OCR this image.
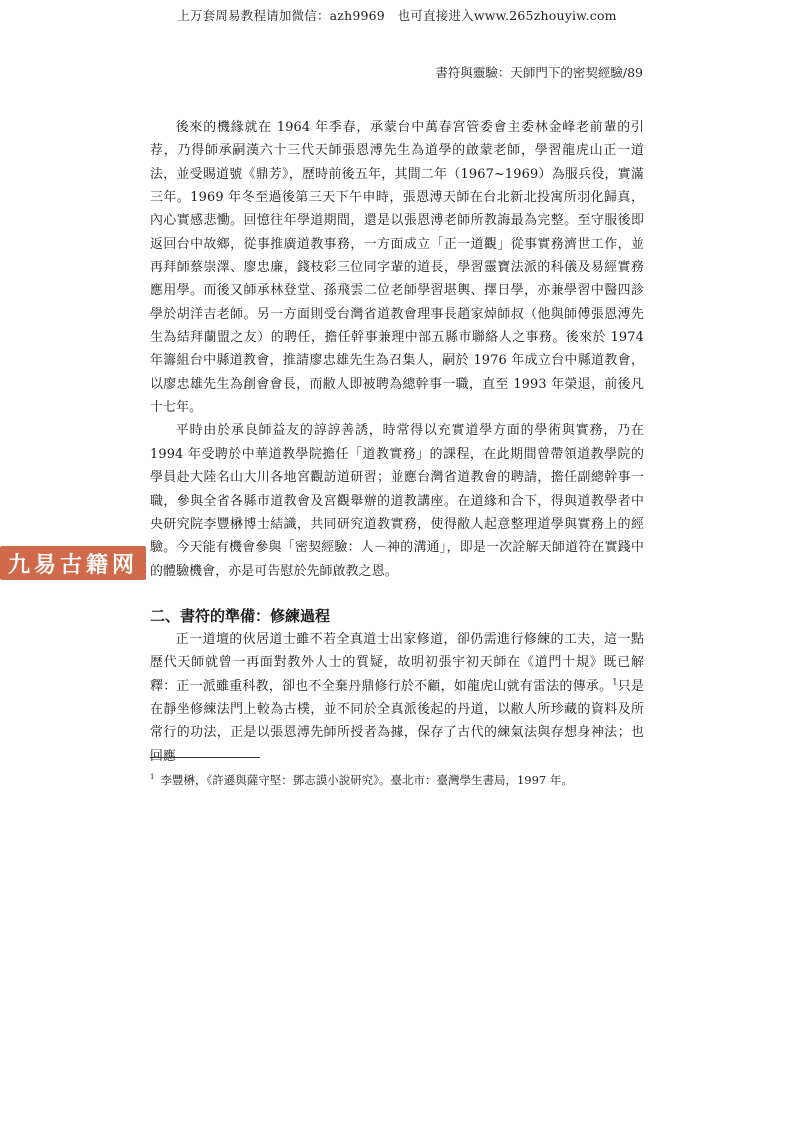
上万套周易教程请加微信：azh9969　也可直接进入www.265zhouyiw.com
書符與靈驗：天師門下的密契經驗/89

後來的機緣就在 1964 年季春，承蒙台中萬春宮管委會主委林金峰老前輩的引荐，乃得師承嗣漢六十三代天師張恩溥先生為道學的啟蒙老師，學習龍虎山正一道法，並受賜道號《鼎芳》，歷時前後五年，其間二年（1967~1969）為服兵役，實滿三年。1969 年冬至過後第三天下午申時，張恩溥天師在台北新北投寓所羽化歸真，內心實感悲慟。回憶往年學道期間，還是以張恩溥老師所教誨最為完整。至守服後即返回台中故鄉，從事推廣道教事務，一方面成立「正一道觀」從事實務濟世工作，並再拜師蔡崇澤、廖忠廉，錢枝彩三位同字輩的道長，學習靈寶法派的科儀及易經實務應用學。而後又師承林登堂、孫飛雲二位老師學習堪輿、擇日學，亦兼學習中醫四診學於胡洋吉老師。另一方面則受台灣省道教會理事長趙家焯師叔（他與師傅張恩溥先生為結拜蘭盟之友）的聘任，擔任幹事兼理中部五縣市聯絡人之事務。後來於 1974 年籌組台中縣道教會，推請廖忠雄先生為召集人，嗣於 1976 年成立台中縣道教會，以廖忠雄先生為創會會長，而敝人即被聘為總幹事一職，直至 1993 年榮退，前後凡十七年。

平時由於承良師益友的諄諄善誘，時常得以充實道學方面的學術與實務，乃在 1994 年受聘於中華道教學院擔任「道教實務」的課程，在此期間曾帶領道教學院的學員赴大陸名山大川各地宮觀訪道研習；並應台灣省道教會的聘請，擔任副總幹事一職，參與全省各縣市道教會及宮觀舉辦的道教講座。在道緣和合下，得與道教學者中央研究院李豐楙博士結識，共同研究道教實務，使得敝人起意整理道學與實務上的經驗。今天能有機會參與「密契經驗：人－神的溝通」，即是一次詮解天師道符在實踐中的體驗機會，亦是可告慰於先師啟教之恩。

二、書符的準備：修練過程

正一道壇的伙居道士雖不若全真道士出家修道，卻仍需進行修練的工夫，這一點歷代天師就曾一再面對教外人士的質疑，故明初張宇初天師在《道門十規》既已解釋：正一派雖重科教，卻也不全棄丹鼎修行於不顧，如龍虎山就有雷法的傳承。$^1$只是在靜坐修練法門上較為古樸，並不同於全真派後起的丹道，以敝人所珍藏的資料及所常行的功法，正是以張恩溥先師所授者為據，保存了古代的練氣法與存想身神法；也回應

$^1$ 李豐楙，《許遜與薩守堅：鄧志謨小說研究》。臺北市：臺灣學生書局，1997 年。
九易古籍网
